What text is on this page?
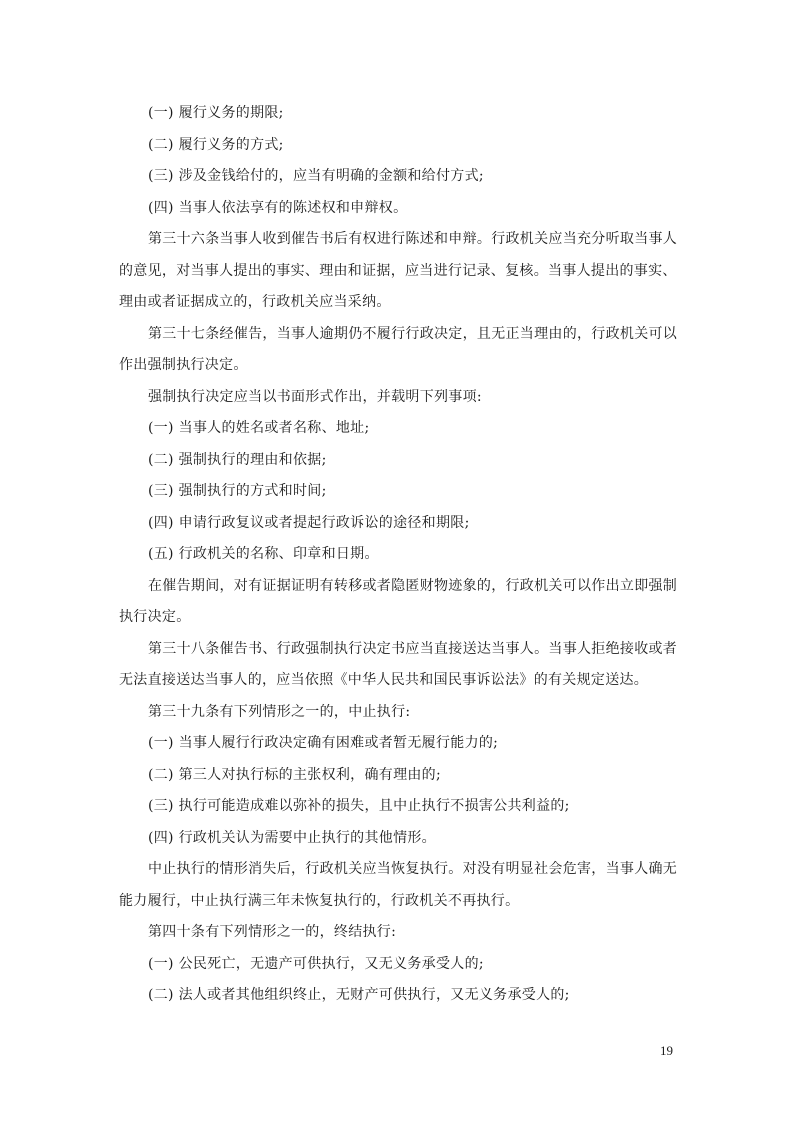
(一) 履行义务的期限;

(二) 履行义务的方式;

(三) 涉及金钱给付的，应当有明确的金额和给付方式;

(四) 当事人依法享有的陈述权和申辩权。

第三十六条当事人收到催告书后有权进行陈述和申辩。行政机关应当充分听取当事人的意见，对当事人提出的事实、理由和证据，应当进行记录、复核。当事人提出的事实、理由或者证据成立的，行政机关应当采纳。

第三十七条经催告，当事人逾期仍不履行行政决定，且无正当理由的，行政机关可以作出强制执行决定。

强制执行决定应当以书面形式作出，并载明下列事项:

(一) 当事人的姓名或者名称、地址;

(二) 强制执行的理由和依据;

(三) 强制执行的方式和时间;

(四) 申请行政复议或者提起行政诉讼的途径和期限;

(五) 行政机关的名称、印章和日期。

在催告期间，对有证据证明有转移或者隐匿财物迹象的，行政机关可以作出立即强制执行决定。

第三十八条催告书、行政强制执行决定书应当直接送达当事人。当事人拒绝接收或者无法直接送达当事人的，应当依照《中华人民共和国民事诉讼法》的有关规定送达。

第三十九条有下列情形之一的，中止执行:

(一) 当事人履行行政决定确有困难或者暂无履行能力的;

(二) 第三人对执行标的主张权利，确有理由的;

(三) 执行可能造成难以弥补的损失，且中止执行不损害公共利益的;

(四) 行政机关认为需要中止执行的其他情形。

中止执行的情形消失后，行政机关应当恢复执行。对没有明显社会危害，当事人确无能力履行，中止执行满三年未恢复执行的，行政机关不再执行。

第四十条有下列情形之一的，终结执行:

(一) 公民死亡，无遗产可供执行，又无义务承受人的;

(二) 法人或者其他组织终止，无财产可供执行，又无义务承受人的;

19
